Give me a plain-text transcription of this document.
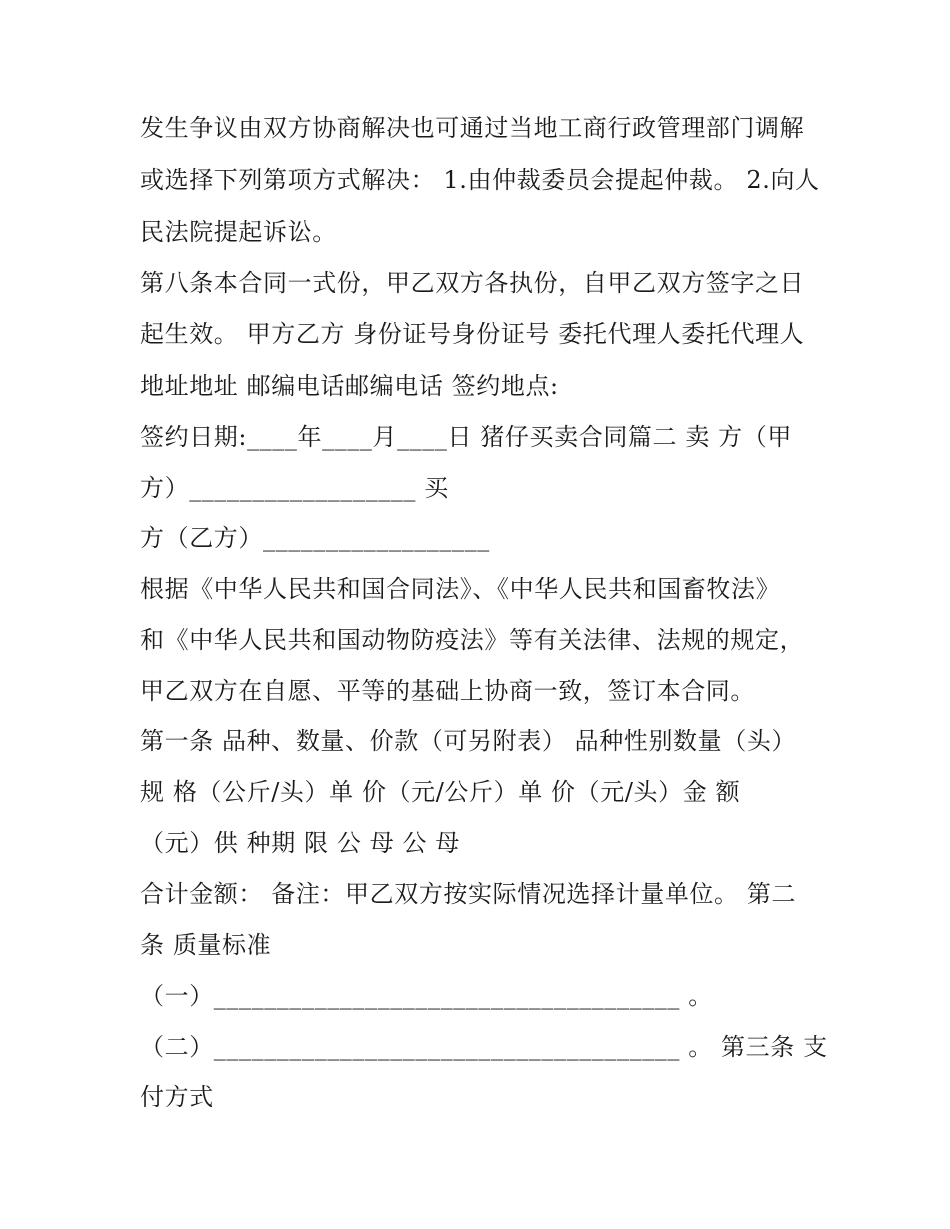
发生争议由双方协商解决也可通过当地工商行政管理部门调解
或选择下列第项方式解决： 1.由仲裁委员会提起仲裁。 2.向人
民法院提起诉讼。
第八条本合同一式份，甲乙双方各执份，自甲乙双方签字之日
起生效。 甲方乙方 身份证号身份证号 委托代理人委托代理人
地址地址 邮编电话邮编电话 签约地点:
签约日期:____年____月____日 猪仔买卖合同篇二 卖 方（甲
方）__________________ 买
方（乙方）__________________
根据《中华人民共和国合同法》、《中华人民共和国畜牧法》
和《中华人民共和国动物防疫法》等有关法律、法规的规定，
甲乙双方在自愿、平等的基础上协商一致，签订本合同。
第一条 品种、数量、价款（可另附表） 品种性别数量（头）
规 格（公斤/头）单 价（元/公斤）单 价（元/头）金 额
（元）供 种期 限 公 母 公 母
合计金额： 备注：甲乙双方按实际情况选择计量单位。 第二
条 质量标准
（一）_____________________________________ 。
（二）_____________________________________ 。 第三条 支
付方式
